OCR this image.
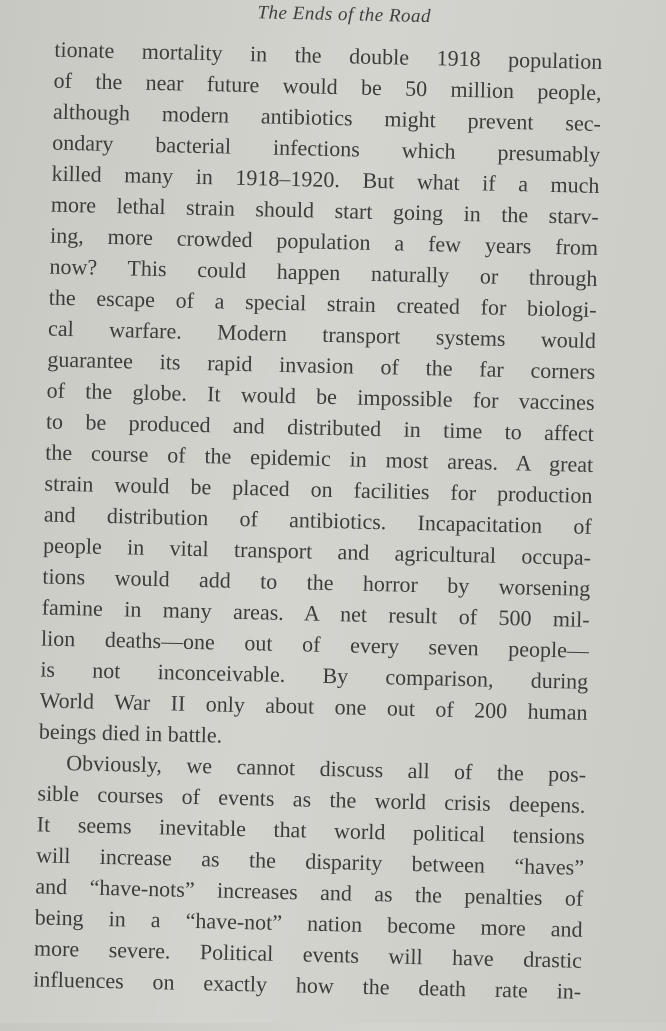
The Ends of the Road
tionate mortality in the double 1918 population
of the near future would be 50 million people,
although modern antibiotics might prevent sec-
ondary bacterial infections which presumably
killed many in 1918–1920. But what if a much
more lethal strain should start going in the starv-
ing, more crowded population a few years from
now? This could happen naturally or through
the escape of a special strain created for biologi-
cal warfare. Modern transport systems would
guarantee its rapid invasion of the far corners
of the globe. It would be impossible for vaccines
to be produced and distributed in time to affect
the course of the epidemic in most areas. A great
strain would be placed on facilities for production
and distribution of antibiotics. Incapacitation of
people in vital transport and agricultural occupa-
tions would add to the horror by worsening
famine in many areas. A net result of 500 mil-
lion deaths—one out of every seven people—
is not inconceivable. By comparison, during
World War II only about one out of 200 human
beings died in battle.
Obviously, we cannot discuss all of the pos-
sible courses of events as the world crisis deepens.
It seems inevitable that world political tensions
will increase as the disparity between “haves”
and “have-nots” increases and as the penalties of
being in a “have-not” nation become more and
more severe. Political events will have drastic
influences on exactly how the death rate in-
